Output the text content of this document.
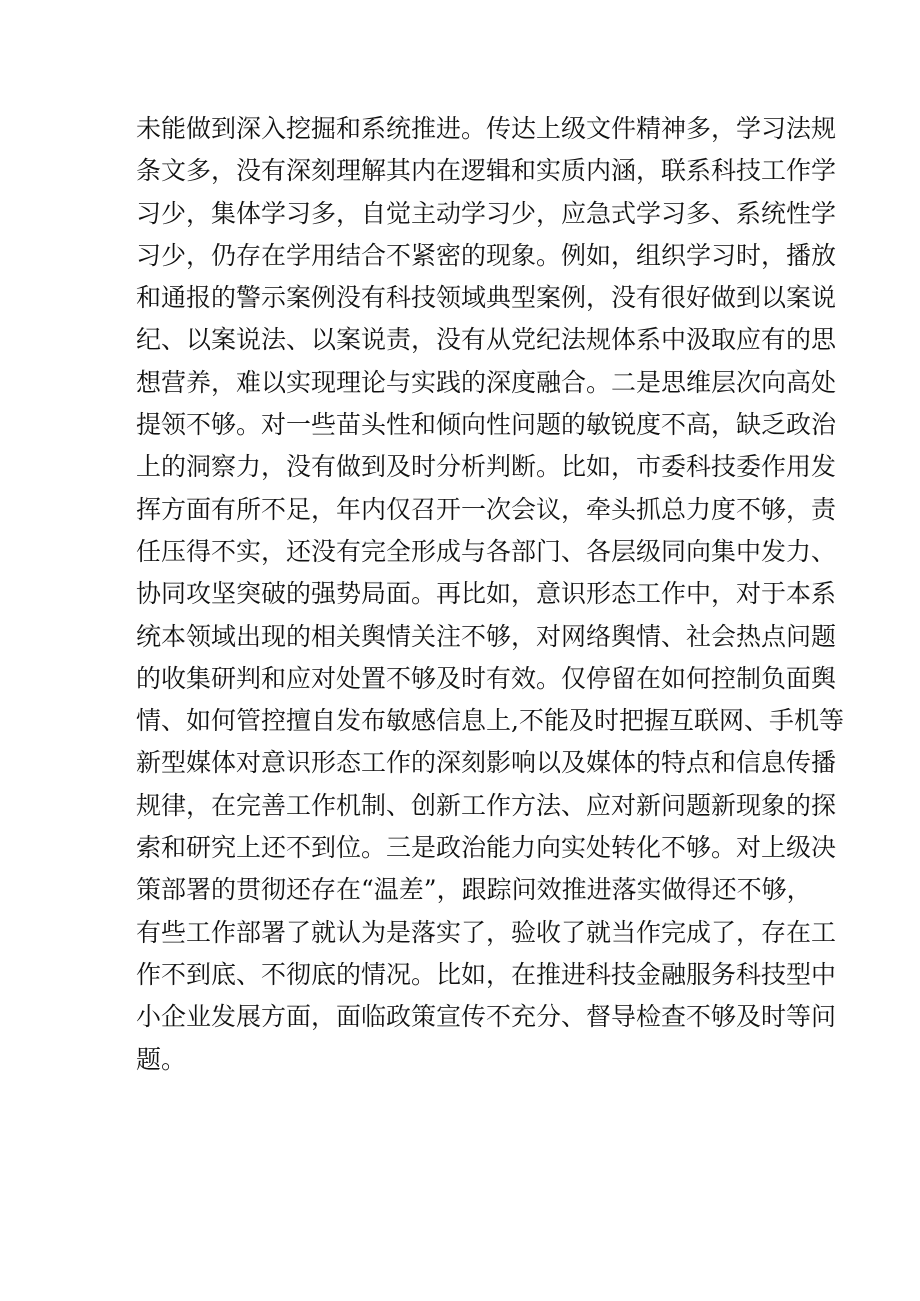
未能做到深入挖掘和系统推进。传达上级文件精神多，学习法规
条文多，没有深刻理解其内在逻辑和实质内涵，联系科技工作学
习少，集体学习多，自觉主动学习少，应急式学习多、系统性学
习少，仍存在学用结合不紧密的现象。例如，组织学习时，播放
和通报的警示案例没有科技领域典型案例，没有很好做到以案说
纪、以案说法、以案说责，没有从党纪法规体系中汲取应有的思
想营养，难以实现理论与实践的深度融合。二是思维层次向高处
提领不够。对一些苗头性和倾向性问题的敏锐度不高，缺乏政治
上的洞察力，没有做到及时分析判断。比如，市委科技委作用发
挥方面有所不足，年内仅召开一次会议，牵头抓总力度不够，责
任压得不实，还没有完全形成与各部门、各层级同向集中发力、
协同攻坚突破的强势局面。再比如，意识形态工作中，对于本系
统本领域出现的相关舆情关注不够，对网络舆情、社会热点问题
的收集研判和应对处置不够及时有效。仅停留在如何控制负面舆
情、如何管控擅自发布敏感信息上,不能及时把握互联网、手机等
新型媒体对意识形态工作的深刻影响以及媒体的特点和信息传播
规律，在完善工作机制、创新工作方法、应对新问题新现象的探
索和研究上还不到位。三是政治能力向实处转化不够。对上级决
策部署的贯彻还存在“温差”，跟踪问效推进落实做得还不够，
有些工作部署了就认为是落实了，验收了就当作完成了，存在工
作不到底、不彻底的情况。比如，在推进科技金融服务科技型中
小企业发展方面，面临政策宣传不充分、督导检查不够及时等问
题。
